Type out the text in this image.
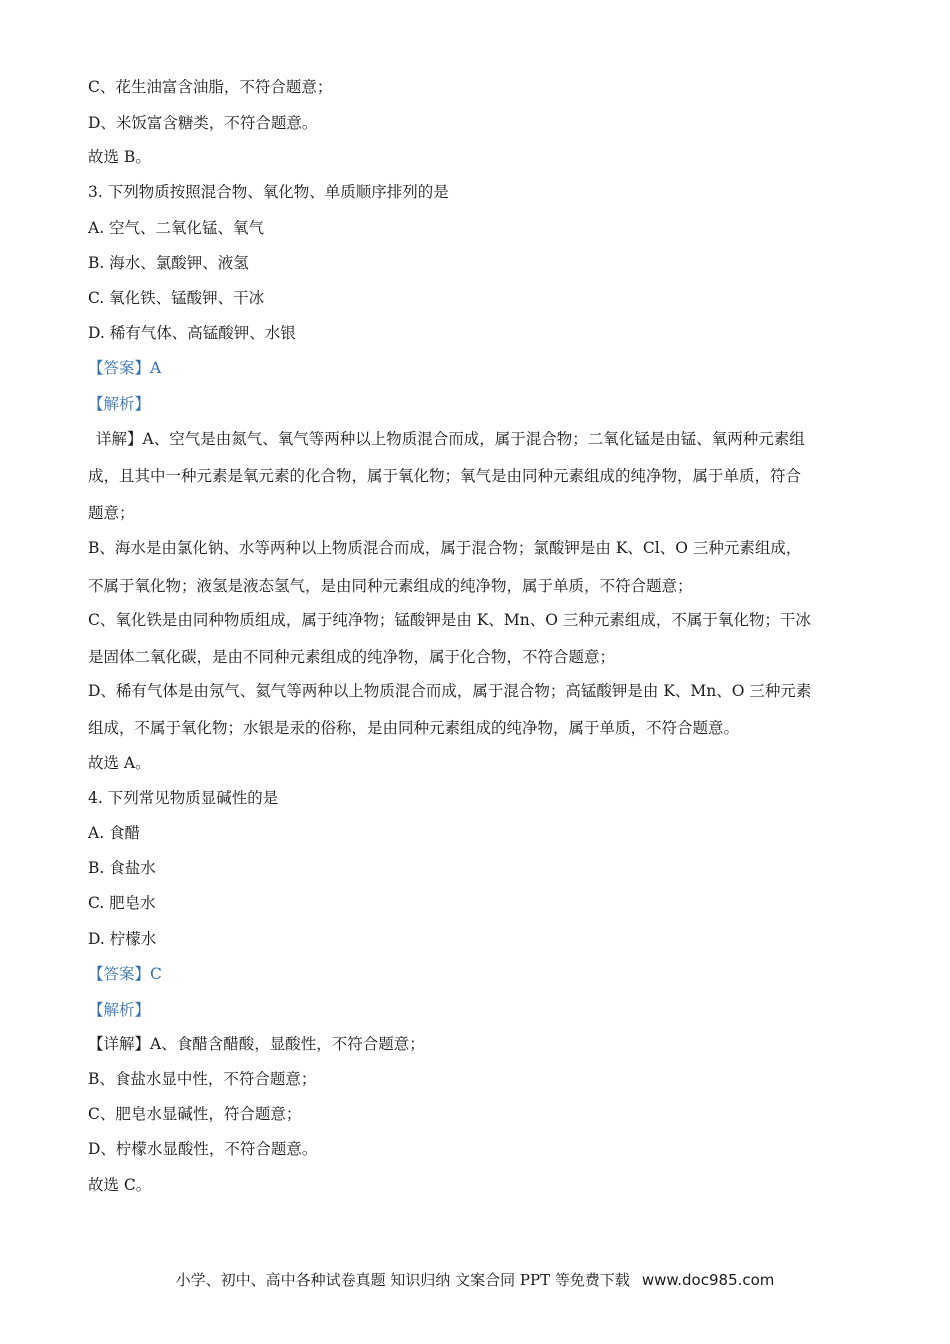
C、花生油富含油脂，不符合题意；
D、米饭富含糖类，不符合题意。
故选 B。
3. 下列物质按照混合物、氧化物、单质顺序排列的是
A. 空气、二氧化锰、氧气
B. 海水、氯酸钾、液氢
C. 氧化铁、锰酸钾、干冰
D. 稀有气体、高锰酸钾、水银
【答案】A
【解析】
详解】A、空气是由氮气、氧气等两种以上物质混合而成，属于混合物；二氧化锰是由锰、氧两种元素组
成，且其中一种元素是氧元素的化合物，属于氧化物；氧气是由同种元素组成的纯净物，属于单质，符合
题意；
B、海水是由氯化钠、水等两种以上物质混合而成，属于混合物；氯酸钾是由 K、Cl、O 三种元素组成，
不属于氧化物；液氢是液态氢气，是由同种元素组成的纯净物，属于单质，不符合题意；
C、氧化铁是由同种物质组成，属于纯净物；锰酸钾是由 K、Mn、O 三种元素组成，不属于氧化物；干冰
是固体二氧化碳，是由不同种元素组成的纯净物，属于化合物，不符合题意；
D、稀有气体是由氖气、氦气等两种以上物质混合而成，属于混合物；高锰酸钾是由 K、Mn、O 三种元素
组成，不属于氧化物；水银是汞的俗称，是由同种元素组成的纯净物，属于单质，不符合题意。
故选 A。
4. 下列常见物质显碱性的是
A. 食醋
B. 食盐水
C. 肥皂水
D. 柠檬水
【答案】C
【解析】
【详解】A、食醋含醋酸，显酸性，不符合题意；
B、食盐水显中性，不符合题意；
C、肥皂水显碱性，符合题意；
D、柠檬水显酸性，不符合题意。
故选 C。
小学、初中、高中各种试卷真题 知识归纳 文案合同 PPT 等免费下载 www.doc985.com
